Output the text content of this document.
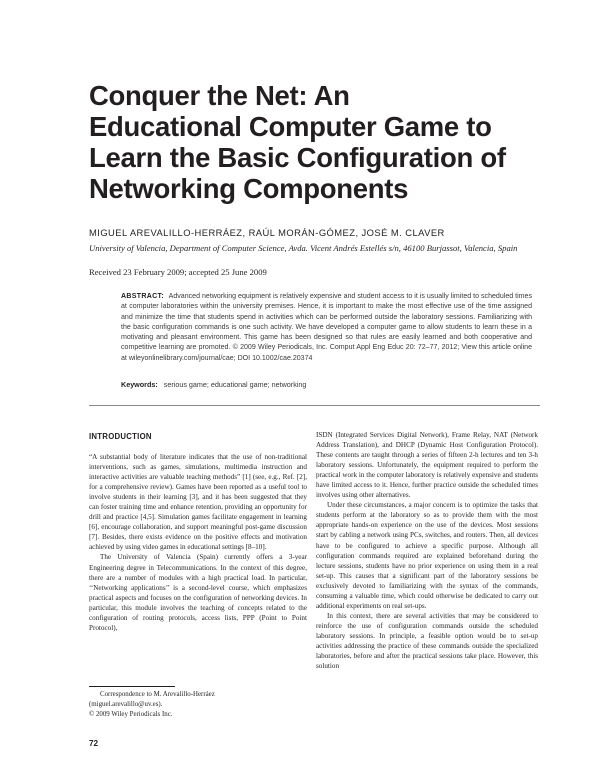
Conquer the Net: An
Educational Computer Game to
Learn the Basic Configuration of
Networking Components
MIGUEL AREVALILLO-HERRÁEZ, RAÚL MORÁN-GÓMEZ, JOSÉ M. CLAVER
University of Valencia, Department of Computer Science, Avda. Vicent Andrés Estellés s/n, 46100 Burjassot, Valencia, Spain
Received 23 February 2009; accepted 25 June 2009

ABSTRACT: Advanced networking equipment is relatively expensive and student access to it is usually limited to scheduled times at computer laboratories within the university premises. Hence, it is important to make the most effective use of the time assigned and minimize the time that students spend in activities which can be performed outside the laboratory sessions. Familiarizing with the basic configuration commands is one such activity. We have developed a computer game to allow students to learn these in a motivating and pleasant environment. This game has been designed so that rules are easily learned and both cooperative and competitive learning are promoted. © 2009 Wiley Periodicals, Inc. Comput Appl Eng Educ 20: 72–77, 2012; View this article online at wileyonlinelibrary.com/journal/cae; DOI 10.1002/cae.20374

Keywords: serious game; educational game; networking
INTRODUCTION

“A substantial body of literature indicates that the use of non-traditional interventions, such as games, simulations, multimedia instruction and interactive activities are valuable teaching methods” [1] (see, e.g., Ref. [2], for a comprehensive review). Games have been reported as a useful tool to involve students in their learning [3], and it has been suggested that they can foster training time and enhance retention, providing an opportunity for drill and practice [4,5]. Simulation games facilitate engagement in learning [6], encourage collaboration, and support meaningful post-game discussion [7]. Besides, there exists evidence on the positive effects and motivation achieved by using video games in educational settings [8–10].

The University of Valencia (Spain) currently offers a 3-year Engineering degree in Telecommunications. In the context of this degree, there are a number of modules with a high practical load. In particular, ‘‘Networking applications’’ is a second-level course, which emphasizes practical aspects and focuses on the configuration of networking devices. In particular, this module involves the teaching of concepts related to the configuration of routing protocols, access lists, PPP (Point to Point Protocol),

ISDN (Integrated Services Digital Network), Frame Relay, NAT (Network Address Translation), and DHCP (Dynamic Host Configuration Protocol). These contents are taught through a series of fifteen 2-h lectures and ten 3-h laboratory sessions. Unfortunately, the equipment required to perform the practical work in the computer laboratory is relatively expensive and students have limited access to it. Hence, further practice outside the scheduled times involves using other alternatives.

Under these circumstances, a major concern is to optimize the tasks that students perform at the laboratory so as to provide them with the most appropriate hands-on experience on the use of the devices. Most sessions start by cabling a network using PCs, switches, and routers. Then, all devices have to be configured to achieve a specific purpose. Although all configuration commands required are explained beforehand during the lecture sessions, students have no prior experience on using them in a real set-up. This causes that a significant part of the laboratory sessions be exclusively devoted to familiarizing with the syntax of the commands, consuming a valuable time, which could otherwise be dedicated to carry out additional experiments on real set-ups.

In this context, there are several activities that may be considered to reinforce the use of configuration commands outside the scheduled laboratory sessions. In principle, a feasible option would be to set-up activities addressing the practice of these commands outside the specialized laboratories, before and after the practical sessions take place. However, this solution

Correspondence to M. Arevalillo-Herráez
(miguel.arevalillo@uv.es).
© 2009 Wiley Periodicals Inc.

72
